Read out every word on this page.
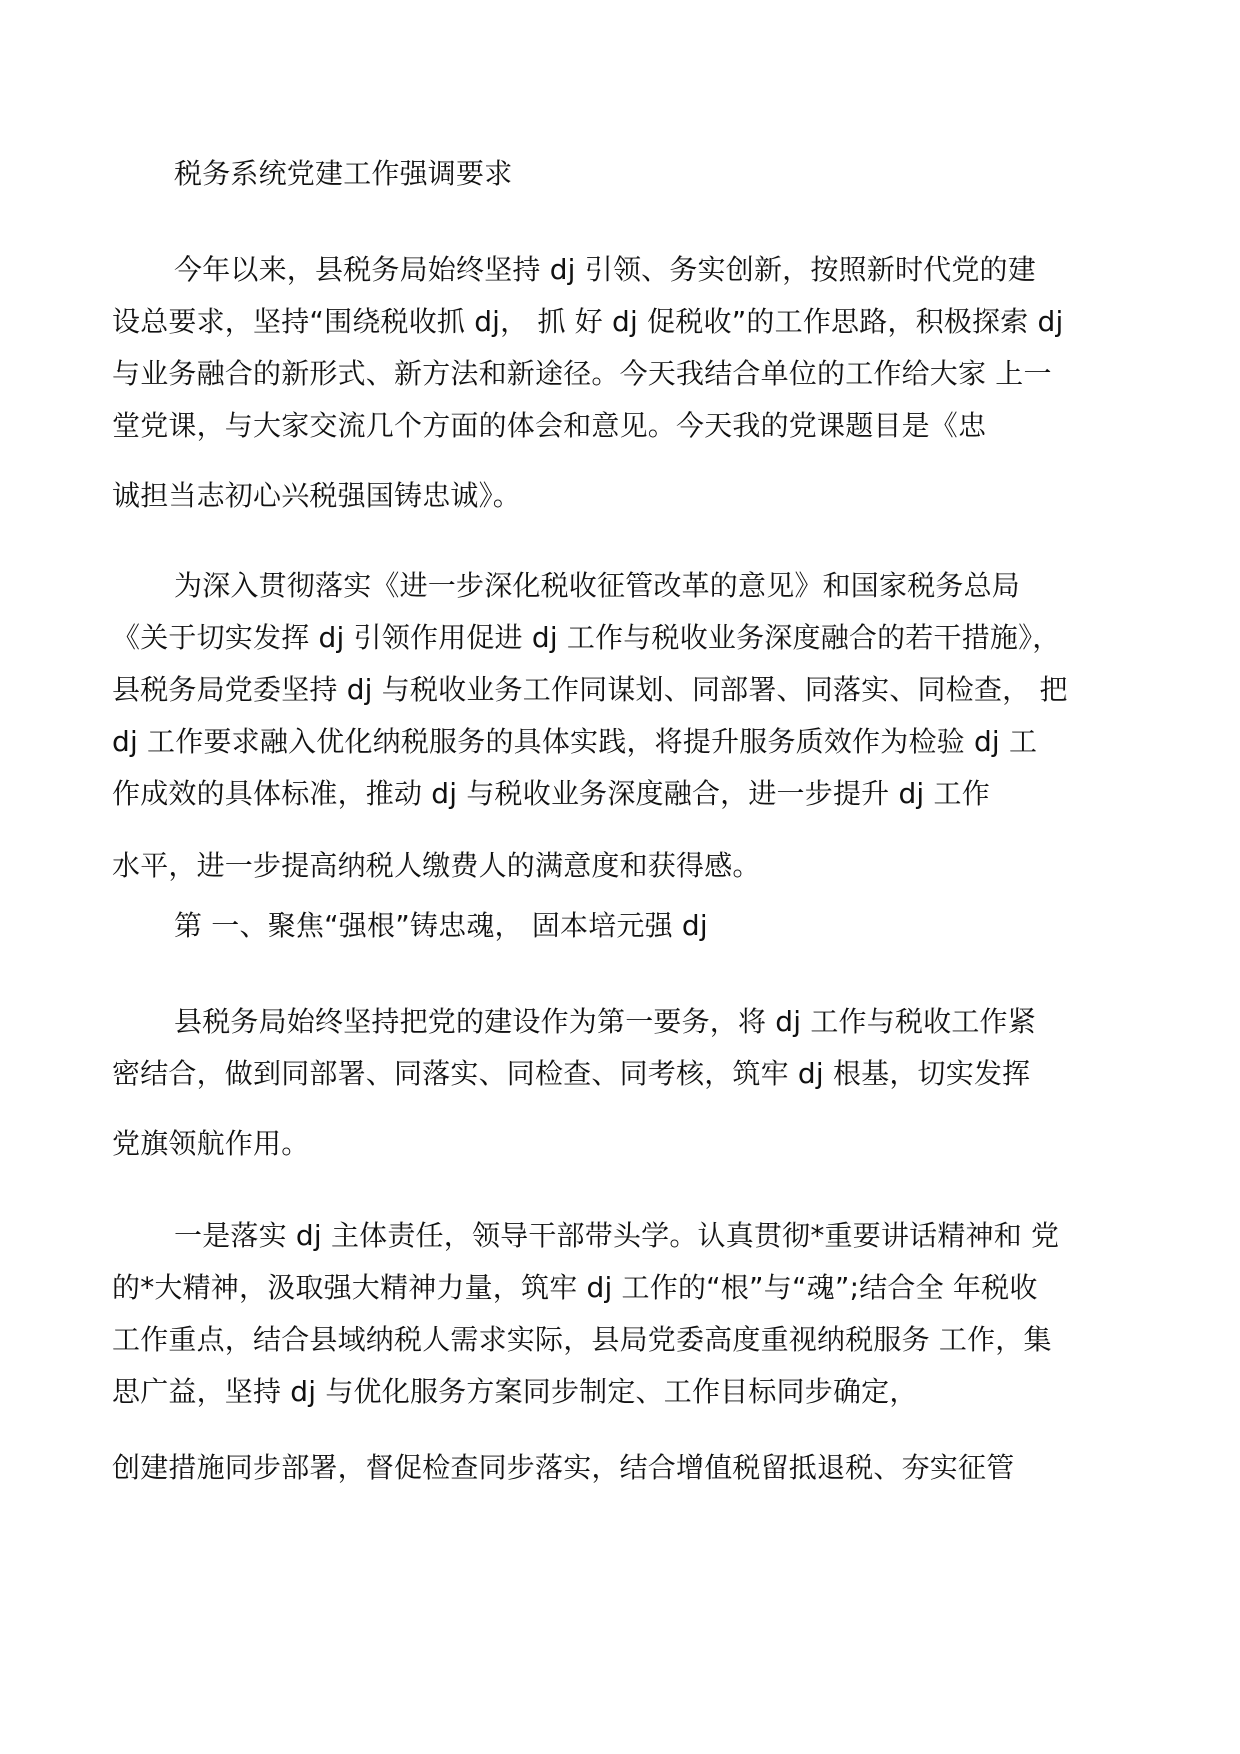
税务系统党建工作强调要求

今年以来，县税务局始终坚持 dj 引领、务实创新，按照新时代党的建

设总要求，坚持“围绕税收抓 dj， 抓 好 dj 促税收”的工作思路，积极探索 dj

与业务融合的新形式、新方法和新途径。今天我结合单位的工作给大家 上一

堂党课，与大家交流几个方面的体会和意见。今天我的党课题目是《忠

诚担当志初心兴税强国铸忠诚》。

为深入贯彻落实《进一步深化税收征管改革的意见》和国家税务总局

《关于切实发挥 dj 引领作用促进 dj 工作与税收业务深度融合的若干措施》，

县税务局党委坚持 dj 与税收业务工作同谋划、同部署、同落实、同检查， 把

dj 工作要求融入优化纳税服务的具体实践，将提升服务质效作为检验 dj 工

作成效的具体标准，推动 dj 与税收业务深度融合，进一步提升 dj 工作

水平，进一步提高纳税人缴费人的满意度和获得感。

第 一、聚焦“强根”铸忠魂， 固本培元强 dj

县税务局始终坚持把党的建设作为第一要务，将 dj 工作与税收工作紧

密结合，做到同部署、同落实、同检查、同考核，筑牢 dj 根基，切实发挥

党旗领航作用。

一是落实 dj 主体责任，领导干部带头学。认真贯彻*重要讲话精神和 党

的*大精神，汲取强大精神力量，筑牢 dj 工作的“根”与“魂”;结合全 年税收

工作重点，结合县域纳税人需求实际，县局党委高度重视纳税服务 工作，集

思广益，坚持 dj 与优化服务方案同步制定、工作目标同步确定，

创建措施同步部署，督促检查同步落实，结合增值税留抵退税、夯实征管
